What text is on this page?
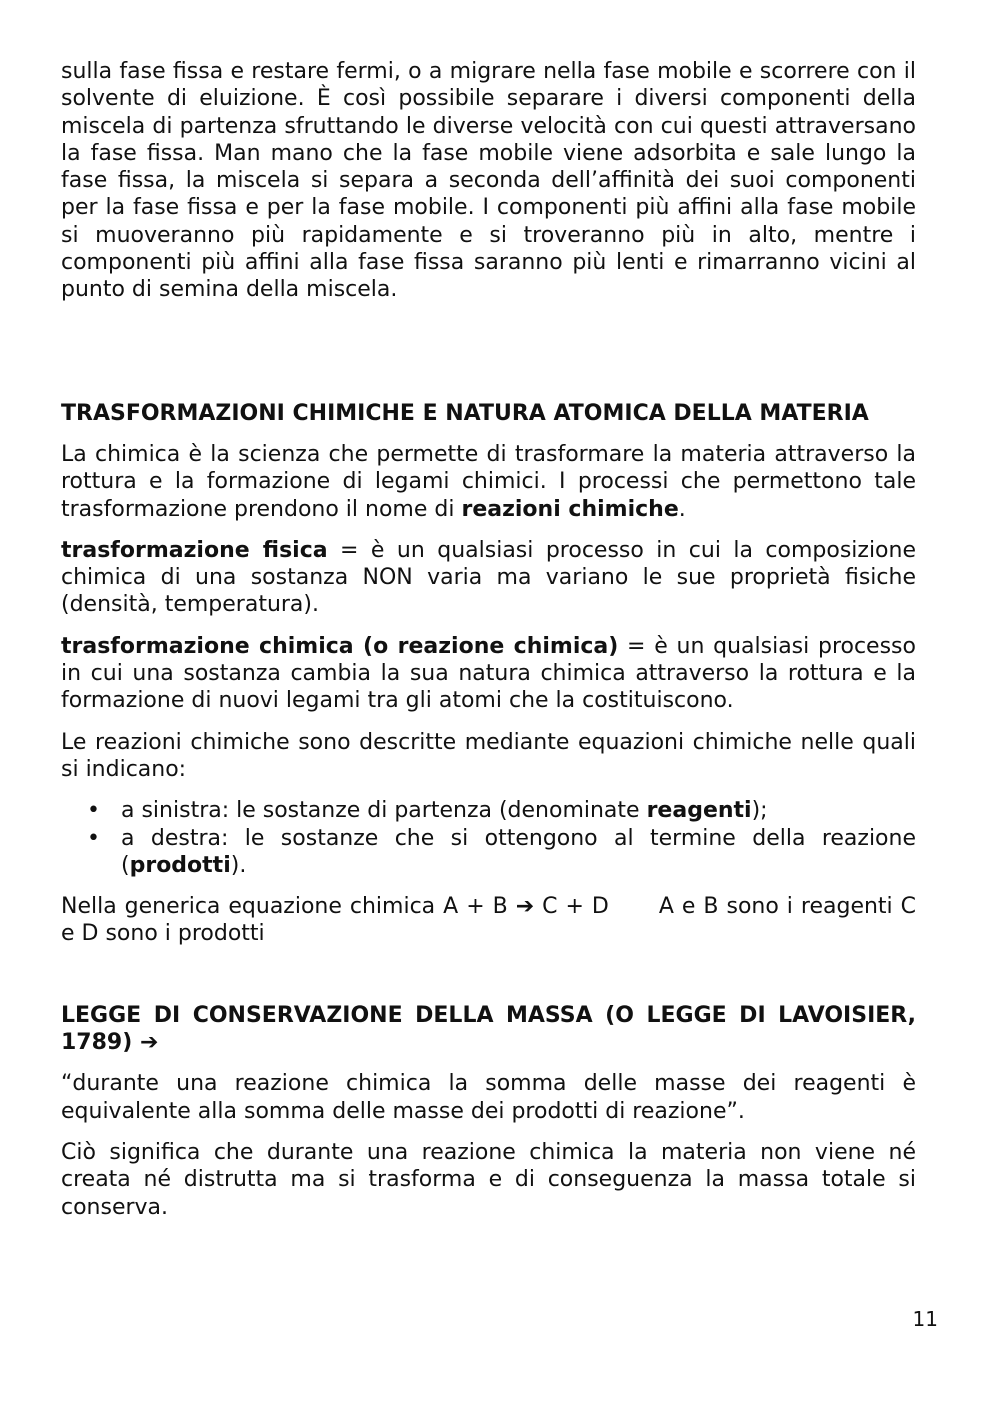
sulla fase fissa e restare fermi, o a migrare nella fase mobile e scorrere con il solvente di eluizione. È così possibile separare i diversi componenti della miscela di partenza sfruttando le diverse velocità con cui questi attraversano la fase fissa. Man mano che la fase mobile viene adsorbita e sale lungo la fase fissa, la miscela si separa a seconda dell’affinità dei suoi componenti per la fase fissa e per la fase mobile. I componenti più affini alla fase mobile si muoveranno più rapidamente e si troveranno più in alto, mentre i componenti più affini alla fase fissa saranno più lenti e rimarranno vicini al punto di semina della miscela.

TRASFORMAZIONI CHIMICHE E NATURA ATOMICA DELLA MATERIA

La chimica è la scienza che permette di trasformare la materia attraverso la rottura e la formazione di legami chimici. I processi che permettono tale trasformazione prendono il nome di reazioni chimiche.

trasformazione fisica = è un qualsiasi processo in cui la composizione chimica di una sostanza NON varia ma variano le sue proprietà fisiche (densità, temperatura).

trasformazione chimica (o reazione chimica) = è un qualsiasi processo in cui una sostanza cambia la sua natura chimica attraverso la rottura e la formazione di nuovi legami tra gli atomi che la costituiscono.

Le reazioni chimiche sono descritte mediante equazioni chimiche nelle quali si indicano:

• a sinistra: le sostanze di partenza (denominate reagenti);
• a destra: le sostanze che si ottengono al termine della reazione (prodotti).

Nella generica equazione chimica A + B ➔ C + D A e B sono i reagenti C e D sono i prodotti

LEGGE DI CONSERVAZIONE DELLA MASSA (O LEGGE DI LAVOISIER, 1789) ➔

“durante una reazione chimica la somma delle masse dei reagenti è equivalente alla somma delle masse dei prodotti di reazione”.

Ciò significa che durante una reazione chimica la materia non viene né creata né distrutta ma si trasforma e di conseguenza la massa totale si conserva.

11
